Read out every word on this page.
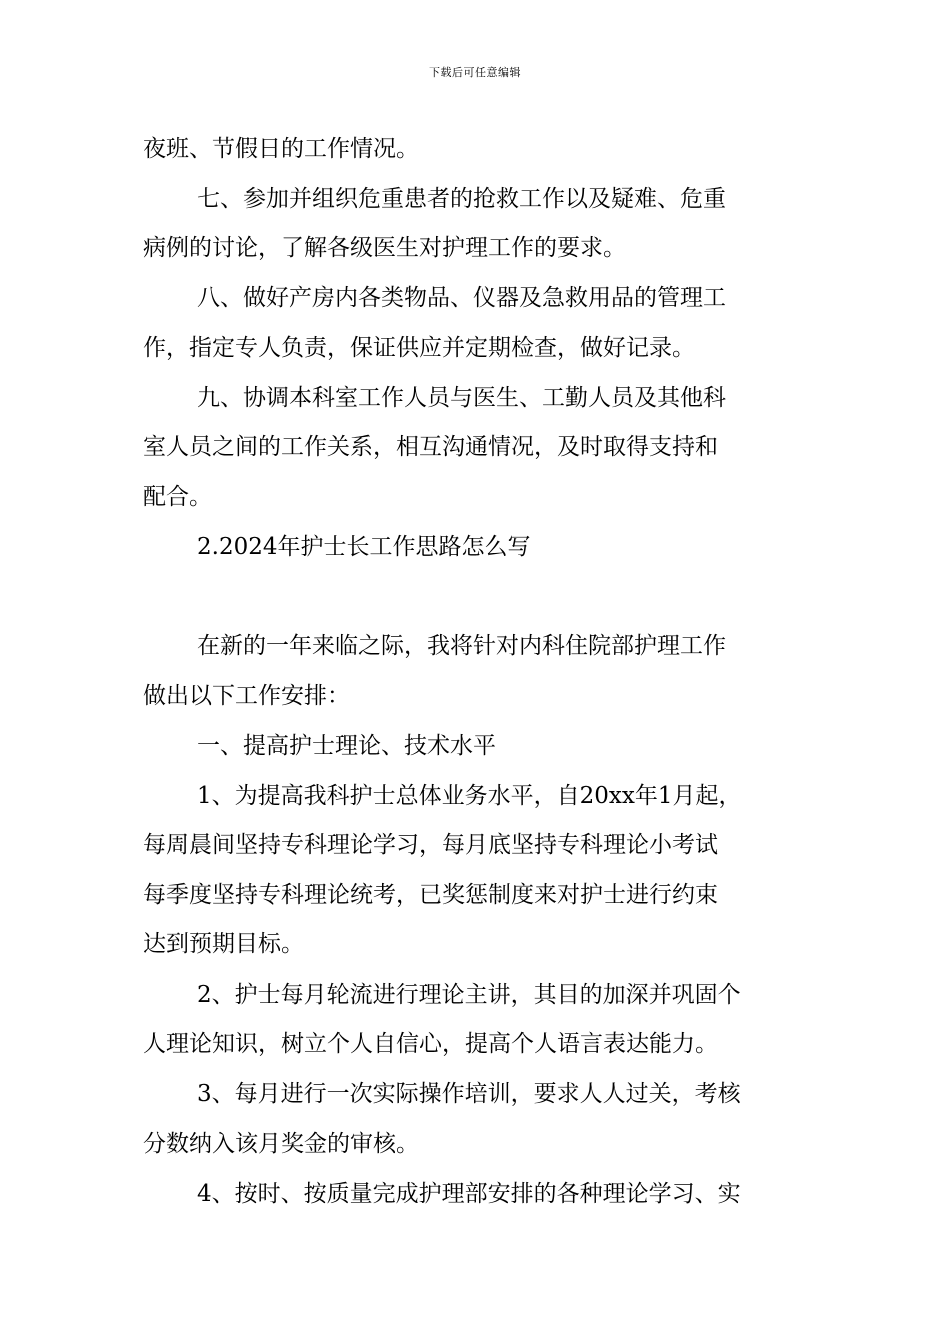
下载后可任意编辑
夜班、节假日的工作情况。
七、参加并组织危重患者的抢救工作以及疑难、危重
病例的讨论，了解各级医生对护理工作的要求。
八、做好产房内各类物品、仪器及急救用品的管理工
作，指定专人负责，保证供应并定期检查，做好记录。
九、协调本科室工作人员与医生、工勤人员及其他科
室人员之间的工作关系，相互沟通情况，及时取得支持和
配合。
2.2024年护士长工作思路怎么写
在新的一年来临之际，我将针对内科住院部护理工作
做出以下工作安排：
一、提高护士理论、技术水平
1、为提高我科护士总体业务水平，自20xx年1月起，
每周晨间坚持专科理论学习，每月底坚持专科理论小考试
每季度坚持专科理论统考，已奖惩制度来对护士进行约束
达到预期目标。
2、护士每月轮流进行理论主讲，其目的加深并巩固个
人理论知识，树立个人自信心，提高个人语言表达能力。
3、每月进行一次实际操作培训，要求人人过关，考核
分数纳入该月奖金的审核。
4、按时、按质量完成护理部安排的各种理论学习、实
